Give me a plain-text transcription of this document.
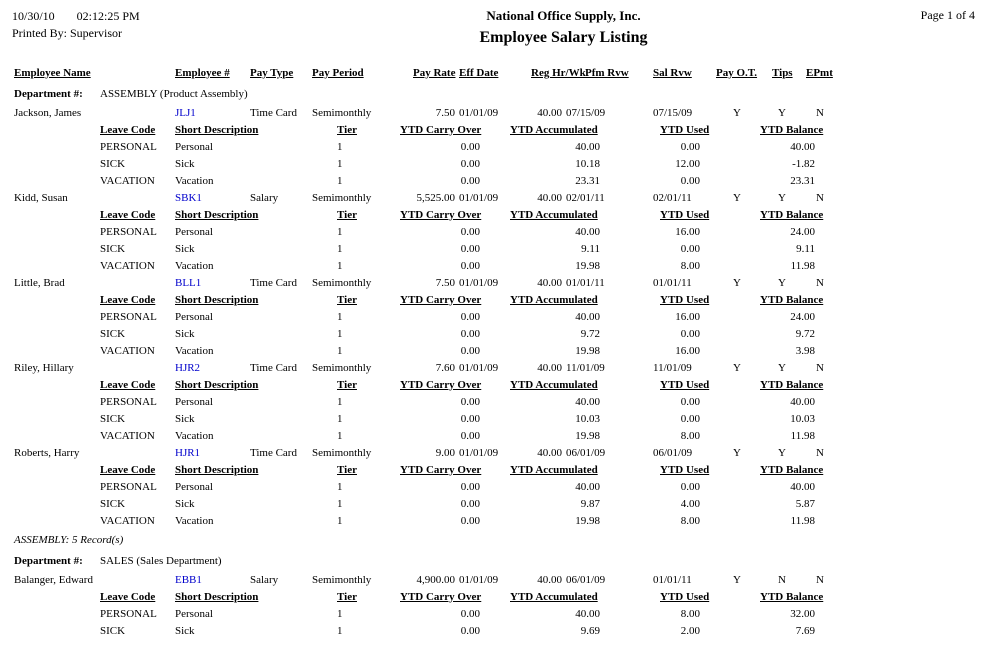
10/30/10 02:12:25 PM
Printed By: Supervisor
National Office Supply, Inc.
Employee Salary Listing
Page 1 of 4
Employee Name	Employee #	Pay Type	Pay Period	Pay Rate Eff Date	Reg Hr/Wk Pfm Rvw	Sal Rvw	Pay O.T.	Tips	EPmt
Department #:	ASSEMBLY (Product Assembly)
Jackson, James	JLJ1	Time Card	Semimonthly	7.50 01/01/09	40.00 07/15/09	07/15/09	Y	Y	N
Leave Code	Short Description	Tier	YTD Carry Over	YTD Accumulated	YTD Used	YTD Balance
PERSONAL	Personal	1	0.00	40.00	0.00	40.00
SICK	Sick	1	0.00	10.18	12.00	-1.82
VACATION	Vacation	1	0.00	23.31	0.00	23.31
Kidd, Susan	SBK1	Salary	Semimonthly	5,525.00 01/01/09	40.00 02/01/11	02/01/11	Y	Y	N
Leave Code	Short Description	Tier	YTD Carry Over	YTD Accumulated	YTD Used	YTD Balance
PERSONAL	Personal	1	0.00	40.00	16.00	24.00
SICK	Sick	1	0.00	9.11	0.00	9.11
VACATION	Vacation	1	0.00	19.98	8.00	11.98
Little, Brad	BLL1	Time Card	Semimonthly	7.50 01/01/09	40.00 01/01/11	01/01/11	Y	Y	N
Leave Code	Short Description	Tier	YTD Carry Over	YTD Accumulated	YTD Used	YTD Balance
PERSONAL	Personal	1	0.00	40.00	16.00	24.00
SICK	Sick	1	0.00	9.72	0.00	9.72
VACATION	Vacation	1	0.00	19.98	16.00	3.98
Riley, Hillary	HJR2	Time Card	Semimonthly	7.60 01/01/09	40.00 11/01/09	11/01/09	Y	Y	N
Leave Code	Short Description	Tier	YTD Carry Over	YTD Accumulated	YTD Used	YTD Balance
PERSONAL	Personal	1	0.00	40.00	0.00	40.00
SICK	Sick	1	0.00	10.03	0.00	10.03
VACATION	Vacation	1	0.00	19.98	8.00	11.98
Roberts, Harry	HJR1	Time Card	Semimonthly	9.00 01/01/09	40.00 06/01/09	06/01/09	Y	Y	N
Leave Code	Short Description	Tier	YTD Carry Over	YTD Accumulated	YTD Used	YTD Balance
PERSONAL	Personal	1	0.00	40.00	0.00	40.00
SICK	Sick	1	0.00	9.87	4.00	5.87
VACATION	Vacation	1	0.00	19.98	8.00	11.98
ASSEMBLY: 5 Record(s)
Department #:	SALES (Sales Department)
Balanger, Edward	EBB1	Salary	Semimonthly	4,900.00 01/01/09	40.00 06/01/09	01/01/11	Y	N	N
Leave Code	Short Description	Tier	YTD Carry Over	YTD Accumulated	YTD Used	YTD Balance
PERSONAL	Personal	1	0.00	40.00	8.00	32.00
SICK	Sick	1	0.00	9.69	2.00	7.69
